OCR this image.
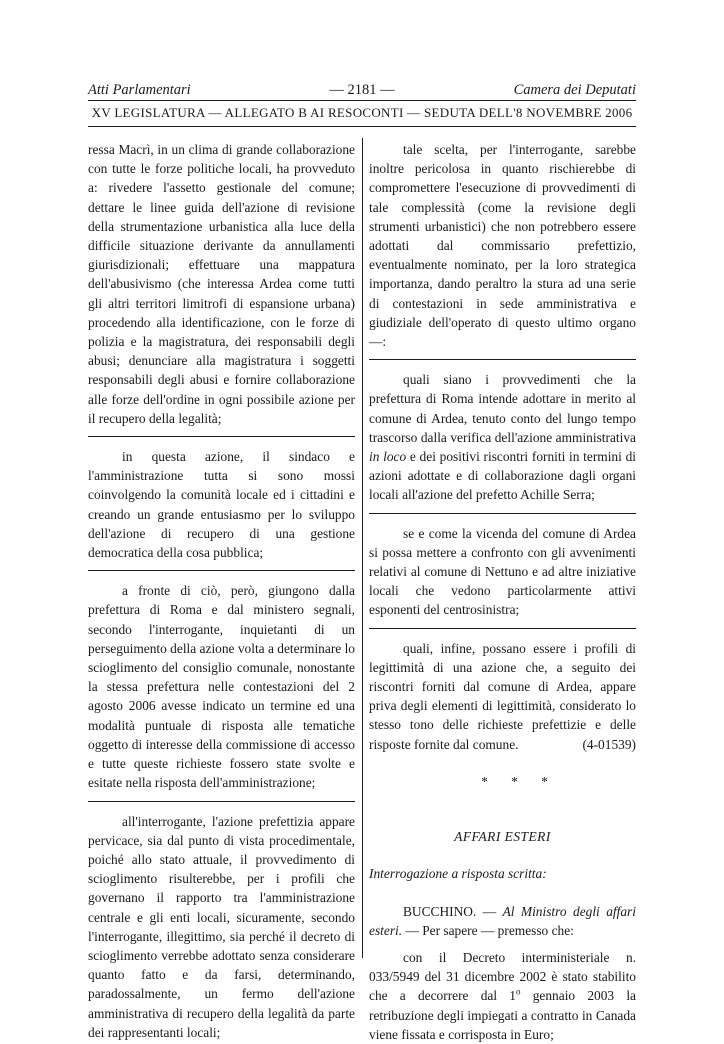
Atti Parlamentari	— 2181 —	Camera dei Deputati
XV LEGISLATURA — ALLEGATO B AI RESOCONTI — SEDUTA DELL'8 NOVEMBRE 2006

ressa Macrì, in un clima di grande collaborazione con tutte le forze politiche locali, ha provveduto a: rivedere l'assetto gestionale del comune; dettare le linee guida dell'azione di revisione della strumentazione urbanistica alla luce della difficile situazione derivante da annullamenti giurisdizionali; effettuare una mappatura dell'abusivismo (che interessa Ardea come tutti gli altri territori limitrofi di espansione urbana) procedendo alla identificazione, con le forze di polizia e la magistratura, dei responsabili degli abusi; denunciare alla magistratura i soggetti responsabili degli abusi e fornire collaborazione alle forze dell'ordine in ogni possibile azione per il recupero della legalità;

in questa azione, il sindaco e l'amministrazione tutta si sono mossi coinvolgendo la comunità locale ed i cittadini e creando un grande entusiasmo per lo sviluppo dell'azione di recupero di una gestione democratica della cosa pubblica;

a fronte di ciò, però, giungono dalla prefettura di Roma e dal ministero segnali, secondo l'interrogante, inquietanti di un perseguimento della azione volta a determinare lo scioglimento del consiglio comunale, nonostante la stessa prefettura nelle contestazioni del 2 agosto 2006 avesse indicato un termine ed una modalità puntuale di risposta alle tematiche oggetto di interesse della commissione di accesso e tutte queste richieste fossero state svolte e esitate nella risposta dell'amministrazione;

all'interrogante, l'azione prefettizia appare pervicace, sia dal punto di vista procedimentale, poiché allo stato attuale, il provvedimento di scioglimento risulterebbe, per i profili che governano il rapporto tra l'amministrazione centrale e gli enti locali, sicuramente, secondo l'interrogante, illegittimo, sia perché il decreto di scioglimento verrebbe adottato senza considerare quanto fatto e da farsi, determinando, paradossalmente, un fermo dell'azione amministrativa di recupero della legalità da parte dei rappresentanti locali;

tale scelta, per l'interrogante, sarebbe inoltre pericolosa in quanto rischierebbe di compromettere l'esecuzione di provvedimenti di tale complessità (come la revisione degli strumenti urbanistici) che non potrebbero essere adottati dal commissario prefettizio, eventualmente nominato, per la loro strategica importanza, dando peraltro la stura ad una serie di contestazioni in sede amministrativa e giudiziale dell'operato di questo ultimo organo —:

quali siano i provvedimenti che la prefettura di Roma intende adottare in merito al comune di Ardea, tenuto conto del lungo tempo trascorso dalla verifica dell'azione amministrativa in loco e dei positivi riscontri forniti in termini di azioni adottate e di collaborazione dagli organi locali all'azione del prefetto Achille Serra;

se e come la vicenda del comune di Ardea si possa mettere a confronto con gli avvenimenti relativi al comune di Nettuno e ad altre iniziative locali che vedono particolarmente attivi esponenti del centrosinistra;

quali, infine, possano essere i profili di legittimità di una azione che, a seguito dei riscontri forniti dal comune di Ardea, appare priva degli elementi di legittimità, considerato lo stesso tono delle richieste prefettizie e delle risposte fornite dal comune.	(4-01539)

* * *

AFFARI ESTERI

Interrogazione a risposta scritta:

BUCCHINO. — Al Ministro degli affari esteri. — Per sapere — premesso che:

con il Decreto interministeriale n. 033/5949 del 31 dicembre 2002 è stato stabilito che a decorrere dal 1$^o$ gennaio 2003 la retribuzione degli impiegati a contratto in Canada viene fissata e corrisposta in Euro;
